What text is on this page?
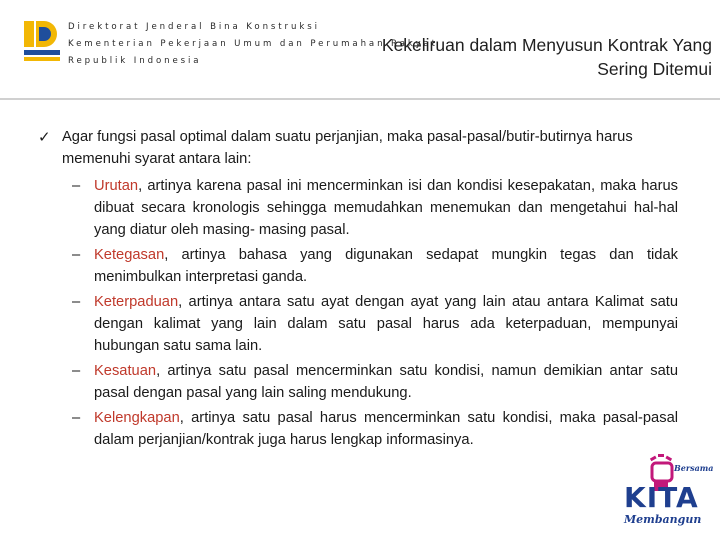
Direktorat Jenderal Bina Konstruksi
Kementerian Pekerjaan Umum dan Perumahan Rakyat
Republik Indonesia
Kekeliruan dalam Menyusun Kontrak Yang
Sering Ditemui
✓ Agar fungsi pasal optimal dalam suatu perjanjian, maka pasal-pasal/butir-butirnya harus memenuhi syarat antara lain:
– Urutan, artinya karena pasal ini mencerminkan isi dan kondisi kesepakatan, maka harus dibuat secara kronologis sehingga memudahkan menemukan dan mengetahui hal-hal yang diatur oleh masing- masing pasal.
– Ketegasan, artinya bahasa yang digunakan sedapat mungkin tegas dan tidak menimbulkan interpretasi ganda.
– Keterpaduan, artinya antara satu ayat dengan ayat yang lain atau antara Kalimat satu dengan kalimat yang lain dalam satu pasal harus ada keterpaduan, mempunyai hubungan satu sama lain.
– Kesatuan, artinya satu pasal mencerminkan satu kondisi, namun demikian antar satu pasal dengan pasal yang lain saling mendukung.
– Kelengkapan, artinya satu pasal harus mencerminkan satu kondisi, maka pasal-pasal dalam perjanjian/kontrak juga harus lengkap informasinya.
Bersama
KITA
Membangun
